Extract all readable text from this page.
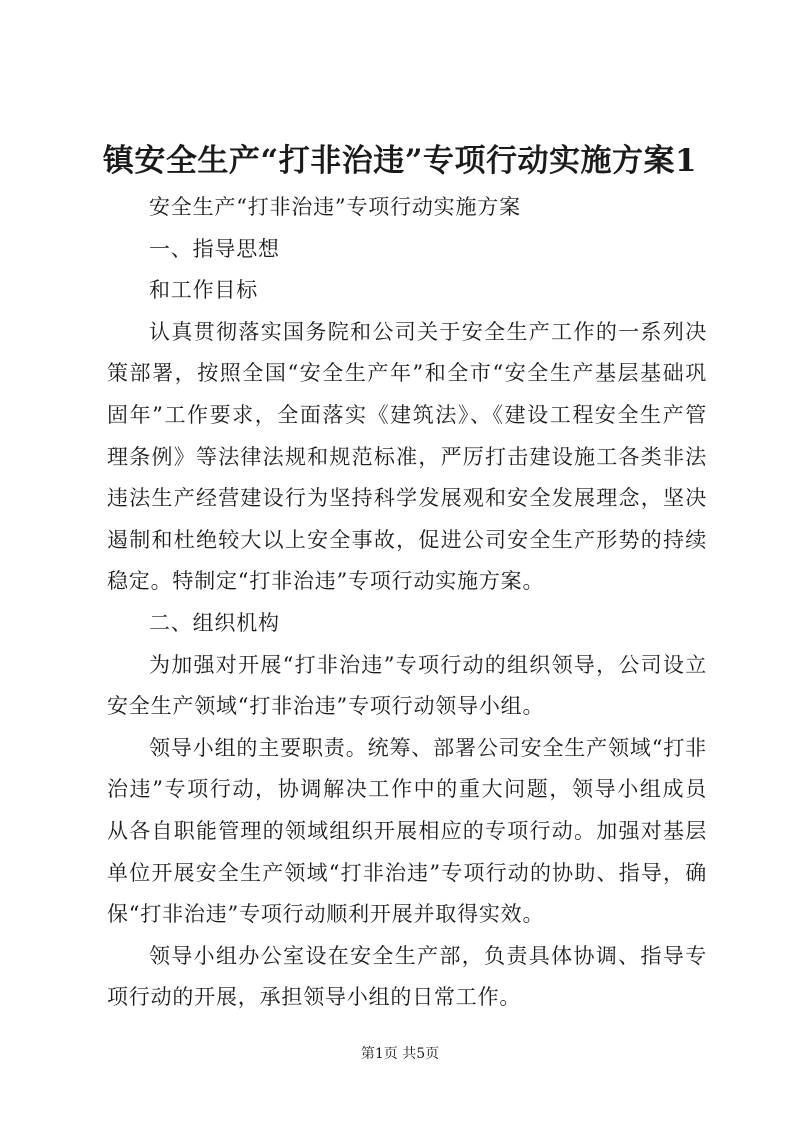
镇安全生产“打非治违”专项行动实施方案1

安全生产“打非治违”专项行动实施方案

一、指导思想

和工作目标

认真贯彻落实国务院和公司关于安全生产工作的一系列决策部署，按照全国“安全生产年”和全市“安全生产基层基础巩固年”工作要求，全面落实《建筑法》、《建设工程安全生产管理条例》等法律法规和规范标准，严厉打击建设施工各类非法违法生产经营建设行为坚持科学发展观和安全发展理念，坚决遏制和杜绝较大以上安全事故，促进公司安全生产形势的持续稳定。特制定“打非治违”专项行动实施方案。

二、组织机构

为加强对开展“打非治违”专项行动的组织领导，公司设立安全生产领域“打非治违”专项行动领导小组。

领导小组的主要职责。统筹、部署公司安全生产领域“打非治违”专项行动，协调解决工作中的重大问题，领导小组成员从各自职能管理的领域组织开展相应的专项行动。加强对基层单位开展安全生产领域“打非治违”专项行动的协助、指导，确保“打非治违”专项行动顺利开展并取得实效。

领导小组办公室设在安全生产部，负责具体协调、指导专项行动的开展，承担领导小组的日常工作。

第1页 共5页
